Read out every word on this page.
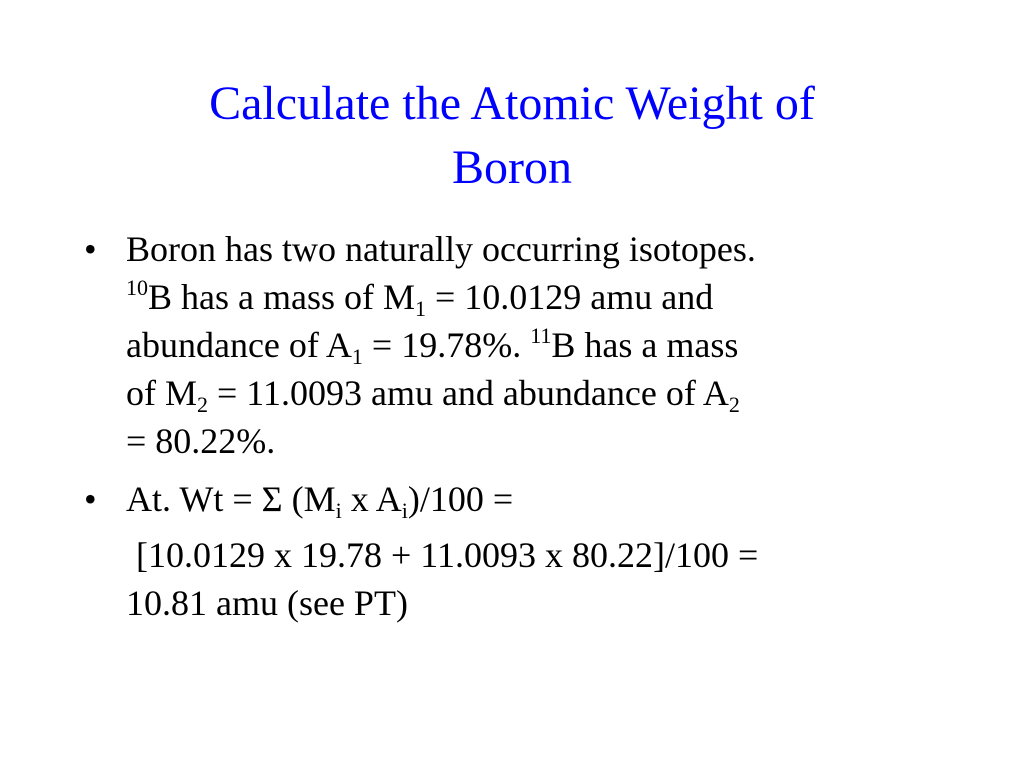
Calculate the Atomic Weight of
Boron
• Boron has two naturally occurring isotopes.
$^{10}$B has a mass of $M_1 = 10.0129$ amu and
abundance of $A_1 = 19.78\%$. $^{11}$B has a mass
of $M_2 = 11.0093$ amu and abundance of $A_2$
= 80.22%.
• At. Wt = Σ ($M_i$ x $A_i)/100$ =
[10.0129 x 19.78 + 11.0093 x 80.22]/100 =
10.81 amu (see PT)
